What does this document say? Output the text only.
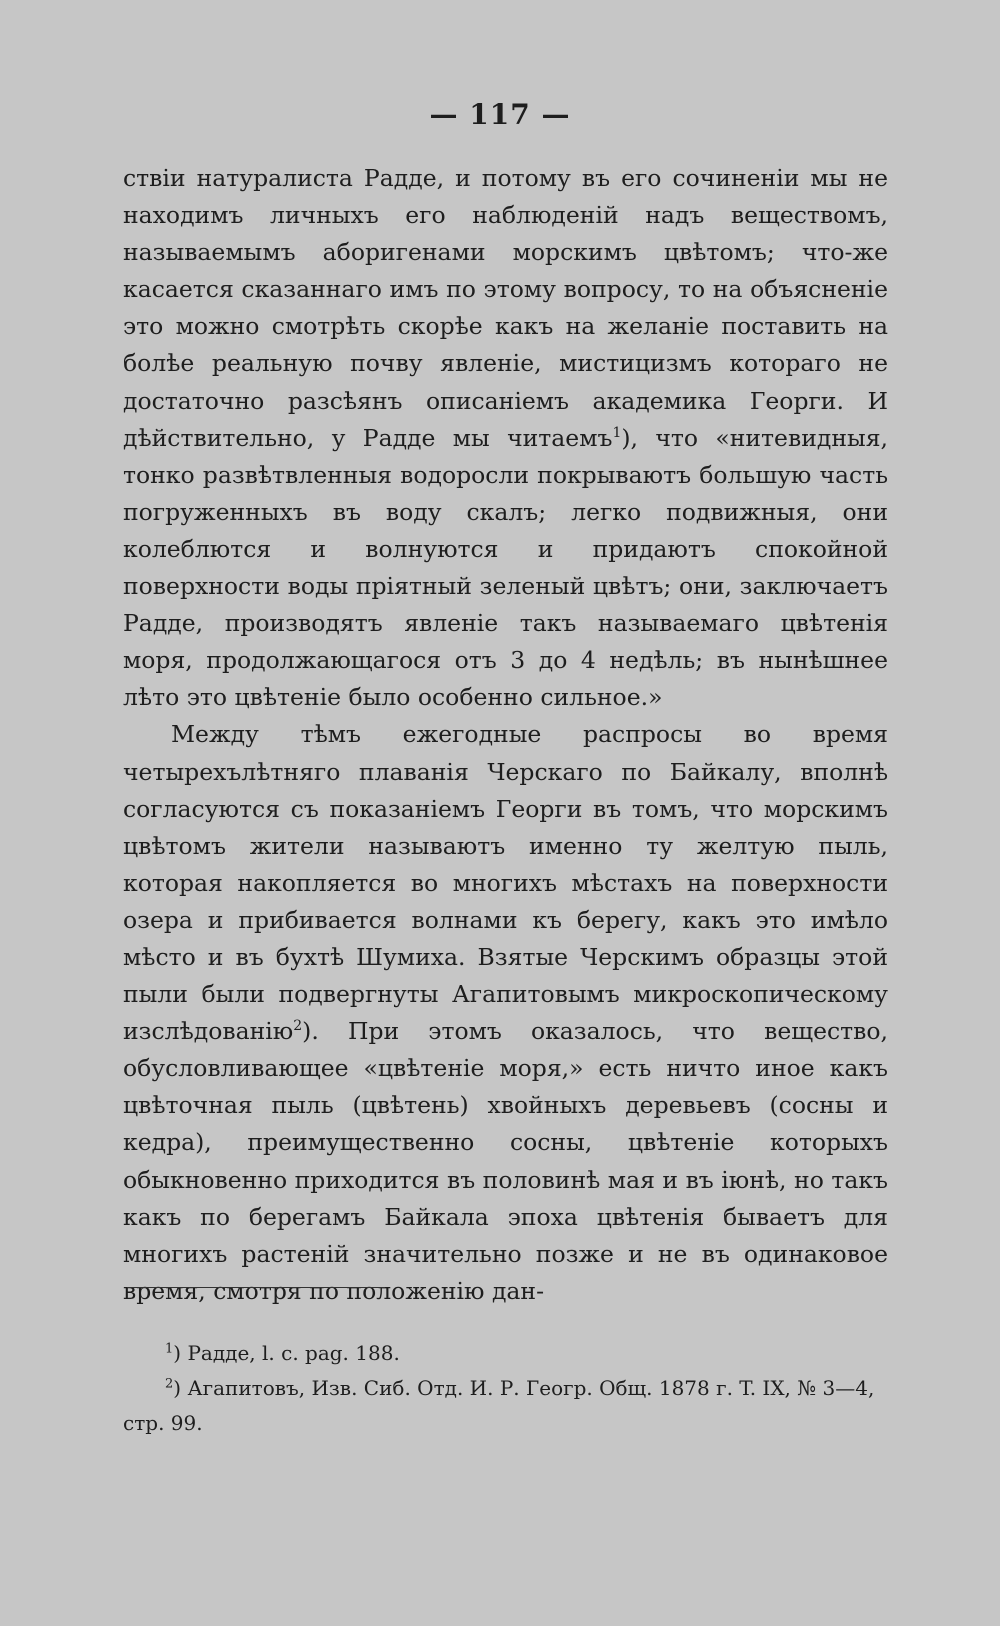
— 117 —

ствіи натуралиста Радде, и потому въ его сочиненіи мы не находимъ личныхъ его наблюденій надъ веществомъ, называемымъ аборигенами морскимъ цвѣтомъ; что-же касается сказаннаго имъ по этому вопросу, то на объясненіе это можно смотрѣть скорѣе какъ на желаніе поставить на болѣе реальную почву явленіе, мистицизмъ котораго не достаточно разсѣянъ описаніемъ академика Георги. И дѣйствительно, у Радде мы читаемъ$^1$), что «нитевидныя, тонко развѣтвленныя водоросли покрываютъ большую часть погруженныхъ въ воду скалъ; легко подвижныя, они колеблются и волнуются и придаютъ спокойной поверхности воды пріятный зеленый цвѣтъ; они, заключаетъ Радде, производятъ явленіе такъ называемаго цвѣтенія моря, продолжающагося отъ 3 до 4 недѣль; въ нынѣшнее лѣто это цвѣтеніе было особенно сильное.»

Между тѣмъ ежегодные распросы во время четырехълѣтняго плаванія Черскаго по Байкалу, вполнѣ согласуются съ показаніемъ Георги въ томъ, что морскимъ цвѣтомъ жители называютъ именно ту желтую пыль, которая накопляется во многихъ мѣстахъ на поверхности озера и прибивается волнами къ берегу, какъ это имѣло мѣсто и въ бухтѣ Шумиха. Взятые Черскимъ образцы этой пыли были подвергнуты Агапитовымъ микроскопическому изслѣдованію$^2$). При этомъ оказалось, что вещество, обусловливающее «цвѣтеніе моря,» есть ничто иное какъ цвѣточная пыль (цвѣтень) хвойныхъ деревьевъ (сосны и кедра), преимущественно сосны, цвѣтеніе которыхъ обыкновенно приходится въ половинѣ мая и въ іюнѣ, но такъ какъ по берегамъ Байкала эпоха цвѣтенія бываетъ для многихъ растеній значительно позже и не въ одинаковое время, смотря по положенію дан-

$^1$) Радде, l. c. pag. 188.

$^2$) Агапитовъ, Изв. Сиб. Отд. И. Р. Геогр. Общ. 1878 г. T. IX, № 3—4, стр. 99.
